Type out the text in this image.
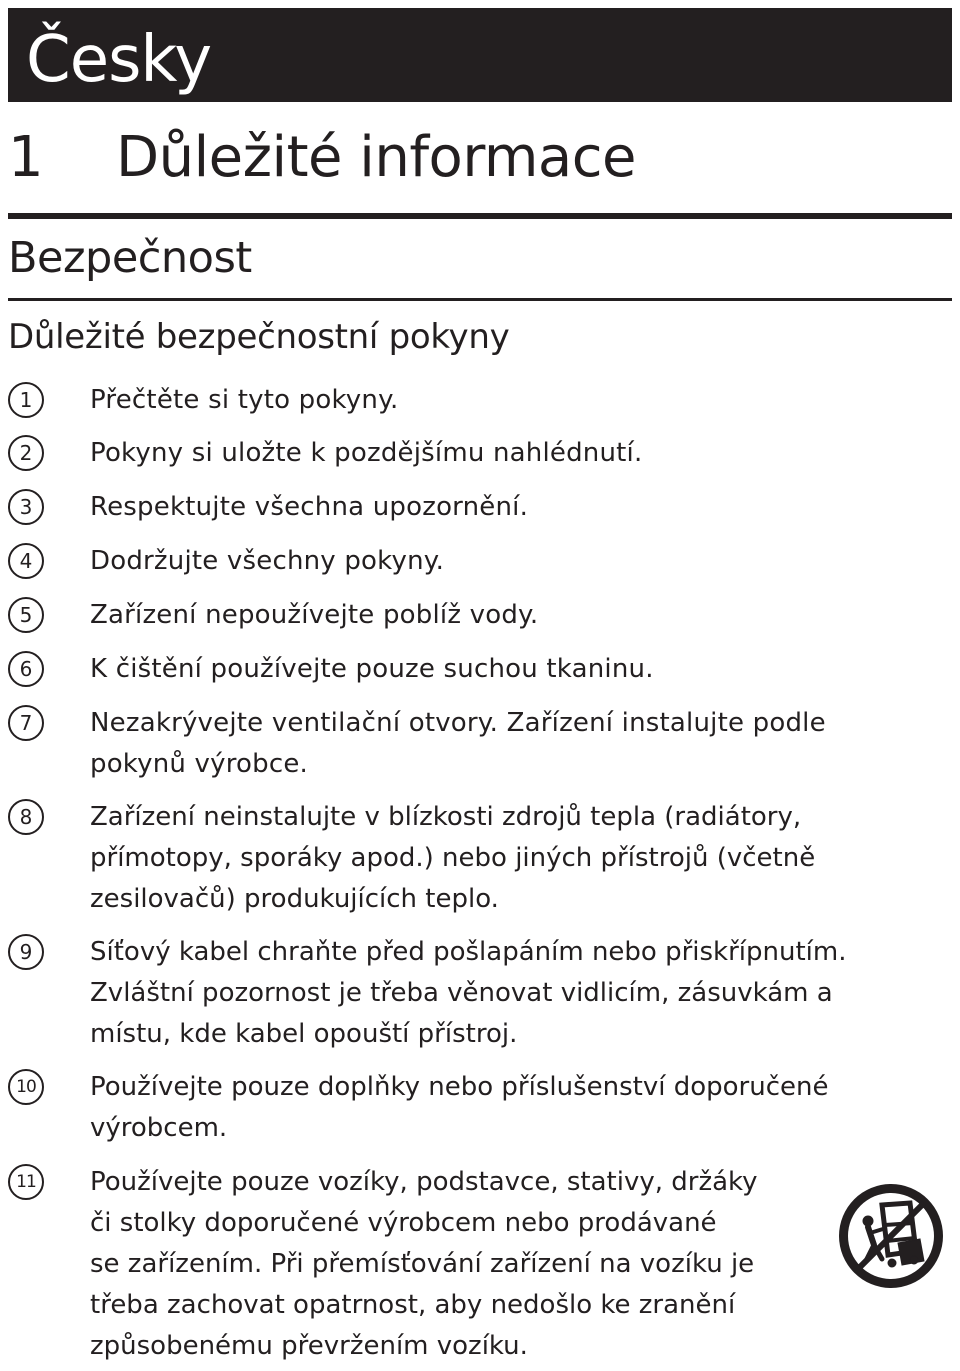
Česky
1 Důležité informace
Bezpečnost
Důležité bezpečnostní pokyny
1	Přečtěte si tyto pokyny.
2	Pokyny si uložte k pozdějšímu nahlédnutí.
3	Respektujte všechna upozornění.
4	Dodržujte všechny pokyny.
5	Zařízení nepoužívejte poblíž vody.
6	K čištění používejte pouze suchou tkaninu.
7	Nezakrývejte ventilační otvory. Zařízení instalujte podle
pokynů výrobce.
8	Zařízení neinstalujte v blízkosti zdrojů tepla (radiátory,
přímotopy, sporáky apod.) nebo jiných přístrojů (včetně
zesilovačů) produkujících teplo.
9	Síťový kabel chraňte před pošlapáním nebo přiskřípnutím.
Zvláštní pozornost je třeba věnovat vidlicím, zásuvkám a
místu, kde kabel opouští přístroj.
10	Používejte pouze doplňky nebo příslušenství doporučené
výrobcem.
11	Používejte pouze vozíky, podstavce, stativy, držáky
či stolky doporučené výrobcem nebo prodávané
se zařízením. Při přemísťování zařízení na vozíku je
třeba zachovat opatrnost, aby nedošlo ke zranění
způsobenému převržením vozíku.
